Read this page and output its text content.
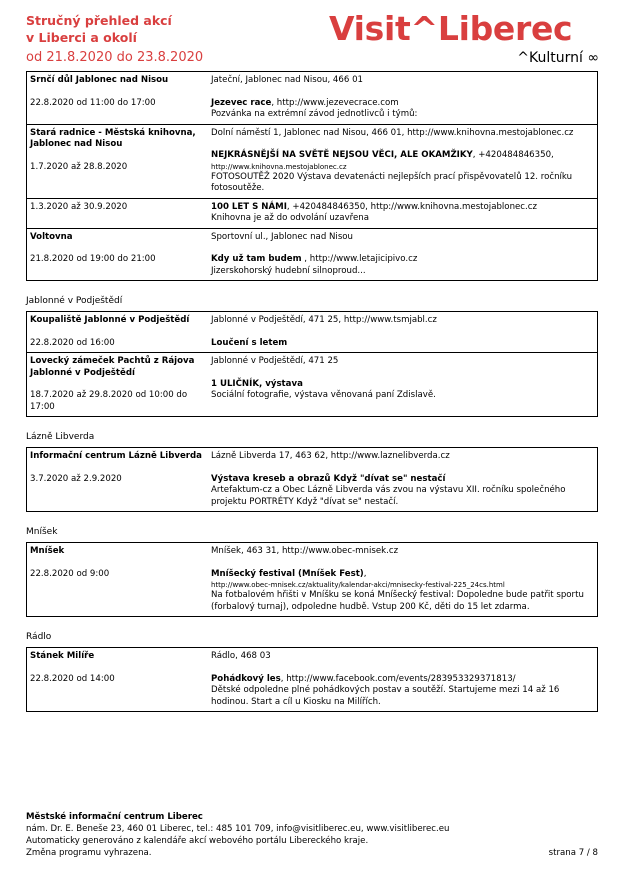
Stručný přehled akcí
v Liberci a okolí
od 21.8.2020 do 23.8.2020
Visit^Liberec
^Kulturní ∞
Srnčí důl Jablonec nad Nisou
22.8.2020 od 11:00 do 17:00
Jateční, Jablonec nad Nisou, 466 01
Jezevec race, http://www.jezevecrace.com
Pozvánka na extrémní závod jednotlivců i týmů:
Stará radnice - Městská knihovna, Jablonec nad Nisou
1.7.2020 až 28.8.2020
Dolní náměstí 1, Jablonec nad Nisou, 466 01, http://www.knihovna.mestojablonec.cz
NEJKRÁSNĚJŠÍ NA SVĚTĚ NEJSOU VĚCI, ALE OKAMŽIKY, +420484846350,
http://www.knihovna.mestojablonec.cz
FOTOSOUTĚŽ 2020 Výstava devatenácti nejlepších prací přispěvovatelů 12. ročníku fotosoutěže.
1.3.2020 až 30.9.2020	100 LET S NÁMI, +420484846350, http://www.knihovna.mestojablonec.cz
Knihovna je až do odvolání uzavřena
Voltovna
21.8.2020 od 19:00 do 21:00
Sportovní ul., Jablonec nad Nisou
Kdy už tam budem , http://www.letajicipivo.cz
Jizerskohorský hudební silnoproud...
Jablonné v Podještědí
Koupaliště Jablonné v Podještědí
22.8.2020 od 16:00
Jablonné v Podještědí, 471 25, http://www.tsmjabl.cz
Loučení s letem
Lovecký zámeček Pachtů z Rájova Jablonné v Podještědí
18.7.2020 až 29.8.2020 od 10:00 do 17:00
Jablonné v Podještědí, 471 25
1 ULIČNÍK, výstava
Sociální fotografie, výstava věnovaná paní Zdislavě.
Lázně Libverda
Informační centrum Lázně Libverda
3.7.2020 až 2.9.2020
Lázně Libverda 17, 463 62, http://www.laznelibverda.cz
Výstava kreseb a obrazů Když "dívat se" nestačí
Artefaktum-cz a Obec Lázně Libverda vás zvou na výstavu XII. ročníku společného projektu PORTRÉTY Když "dívat se" nestačí.
Mníšek
Mníšek
22.8.2020 od 9:00
Mníšek, 463 31, http://www.obec-mnisek.cz
Mníšecký festival (Mníšek Fest),
http://www.obec-mnisek.cz/aktuality/kalendar-akci/mnisecky-festival-225_24cs.html
Na fotbalovém hřišti v Mníšku se koná Mníšecký festival: Dopoledne bude patřit sportu (forbalový turnaj), odpoledne hudbě. Vstup 200 Kč, děti do 15 let zdarma.
Rádlo
Stánek Milíře
22.8.2020 od 14:00
Rádlo, 468 03
Pohádkový les, http://www.facebook.com/events/283953329371813/
Dětské odpoledne plné pohádkových postav a soutěží. Startujeme mezi 14 až 16 hodinou. Start a cíl u Kiosku na Milířích.
Městské informační centrum Liberec
nám. Dr. E. Beneše 23, 460 01 Liberec, tel.: 485 101 709, info@visitliberec.eu, www.visitliberec.eu
Automaticky generováno z kalendáře akcí webového portálu Libereckého kraje.
Změna programu vyhrazena.	strana 7 / 8
